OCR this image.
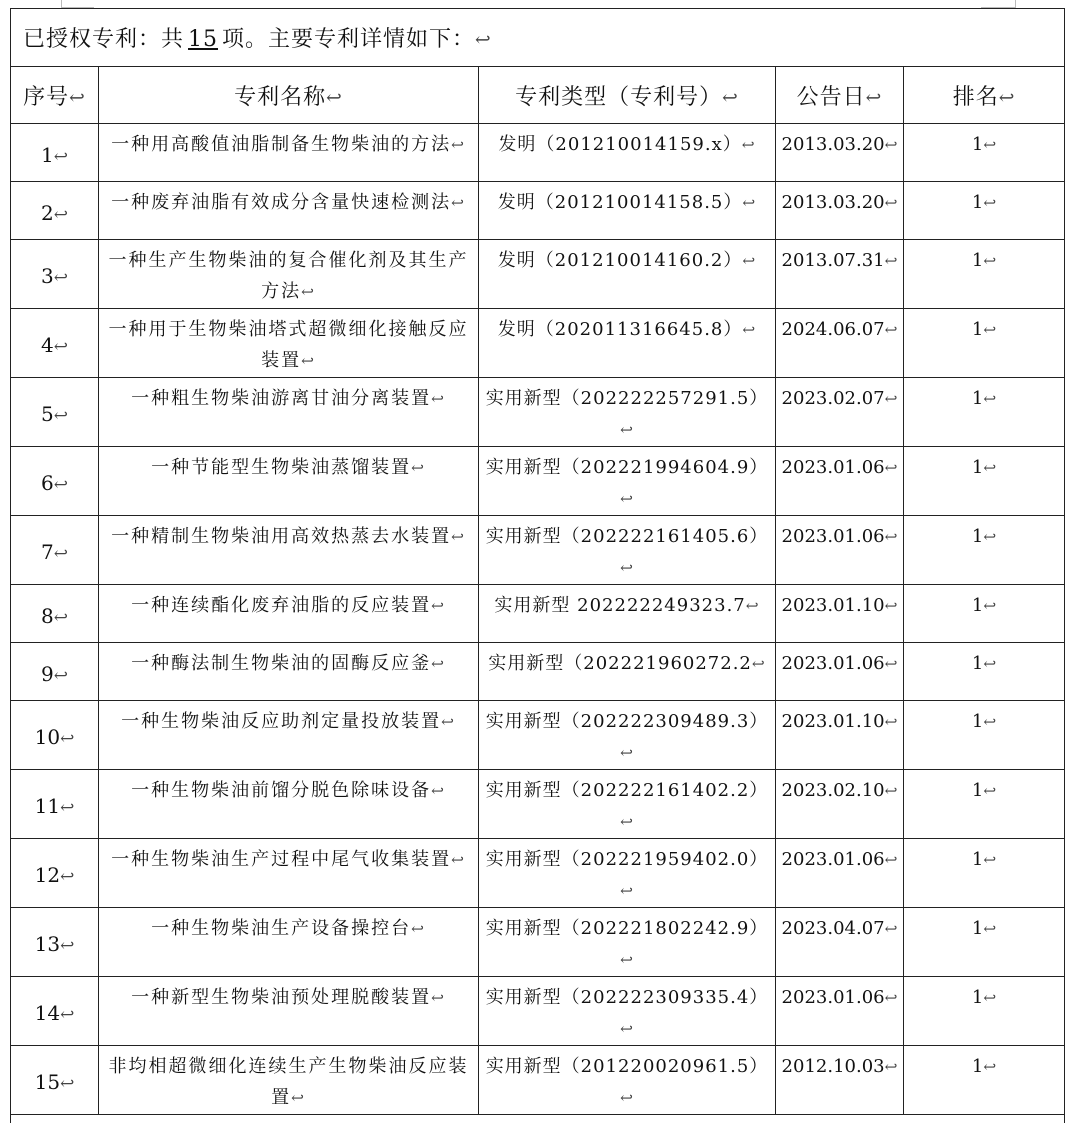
已授权专利：共 15 项。主要专利详情如下：↩				
序号↩	专利名称↩	专利类型（专利号）↩	公告日↩	排名↩
1↩	一种用高酸值油脂制备生物柴油的方法↩	发明（201210014159.x）↩	2013.03.20↩	1↩
2↩	一种废弃油脂有效成分含量快速检测法↩	发明（201210014158.5）↩	2013.03.20↩	1↩
3↩	一种生产生物柴油的复合催化剂及其生产方法↩	发明（201210014160.2）↩	2013.07.31↩	1↩
4↩	一种用于生物柴油塔式超微细化接触反应装置↩	发明（202011316645.8）↩	2024.06.07↩	1↩
5↩	一种粗生物柴油游离甘油分离装置↩	实用新型（202222257291.5）↩	2023.02.07↩	1↩
6↩	一种节能型生物柴油蒸馏装置↩	实用新型（202221994604.9）↩	2023.01.06↩	1↩
7↩	一种精制生物柴油用高效热蒸去水装置↩	实用新型（202222161405.6）↩	2023.01.06↩	1↩
8↩	一种连续酯化废弃油脂的反应装置↩	实用新型 202222249323.7↩	2023.01.10↩	1↩
9↩	一种酶法制生物柴油的固酶反应釜↩	实用新型（202221960272.2↩	2023.01.06↩	1↩
10↩	一种生物柴油反应助剂定量投放装置↩	实用新型（202222309489.3）↩	2023.01.10↩	1↩
11↩	一种生物柴油前馏分脱色除味设备↩	实用新型（202222161402.2）↩	2023.02.10↩	1↩
12↩	一种生物柴油生产过程中尾气收集装置↩	实用新型（202221959402.0）↩	2023.01.06↩	1↩
13↩	一种生物柴油生产设备操控台↩	实用新型（202221802242.9）↩	2023.04.07↩	1↩
14↩	一种新型生物柴油预处理脱酸装置↩	实用新型（202222309335.4）↩	2023.01.06↩	1↩
15↩	非均相超微细化连续生产生物柴油反应装置↩	实用新型（201220020961.5）↩	2012.10.03↩	1↩
